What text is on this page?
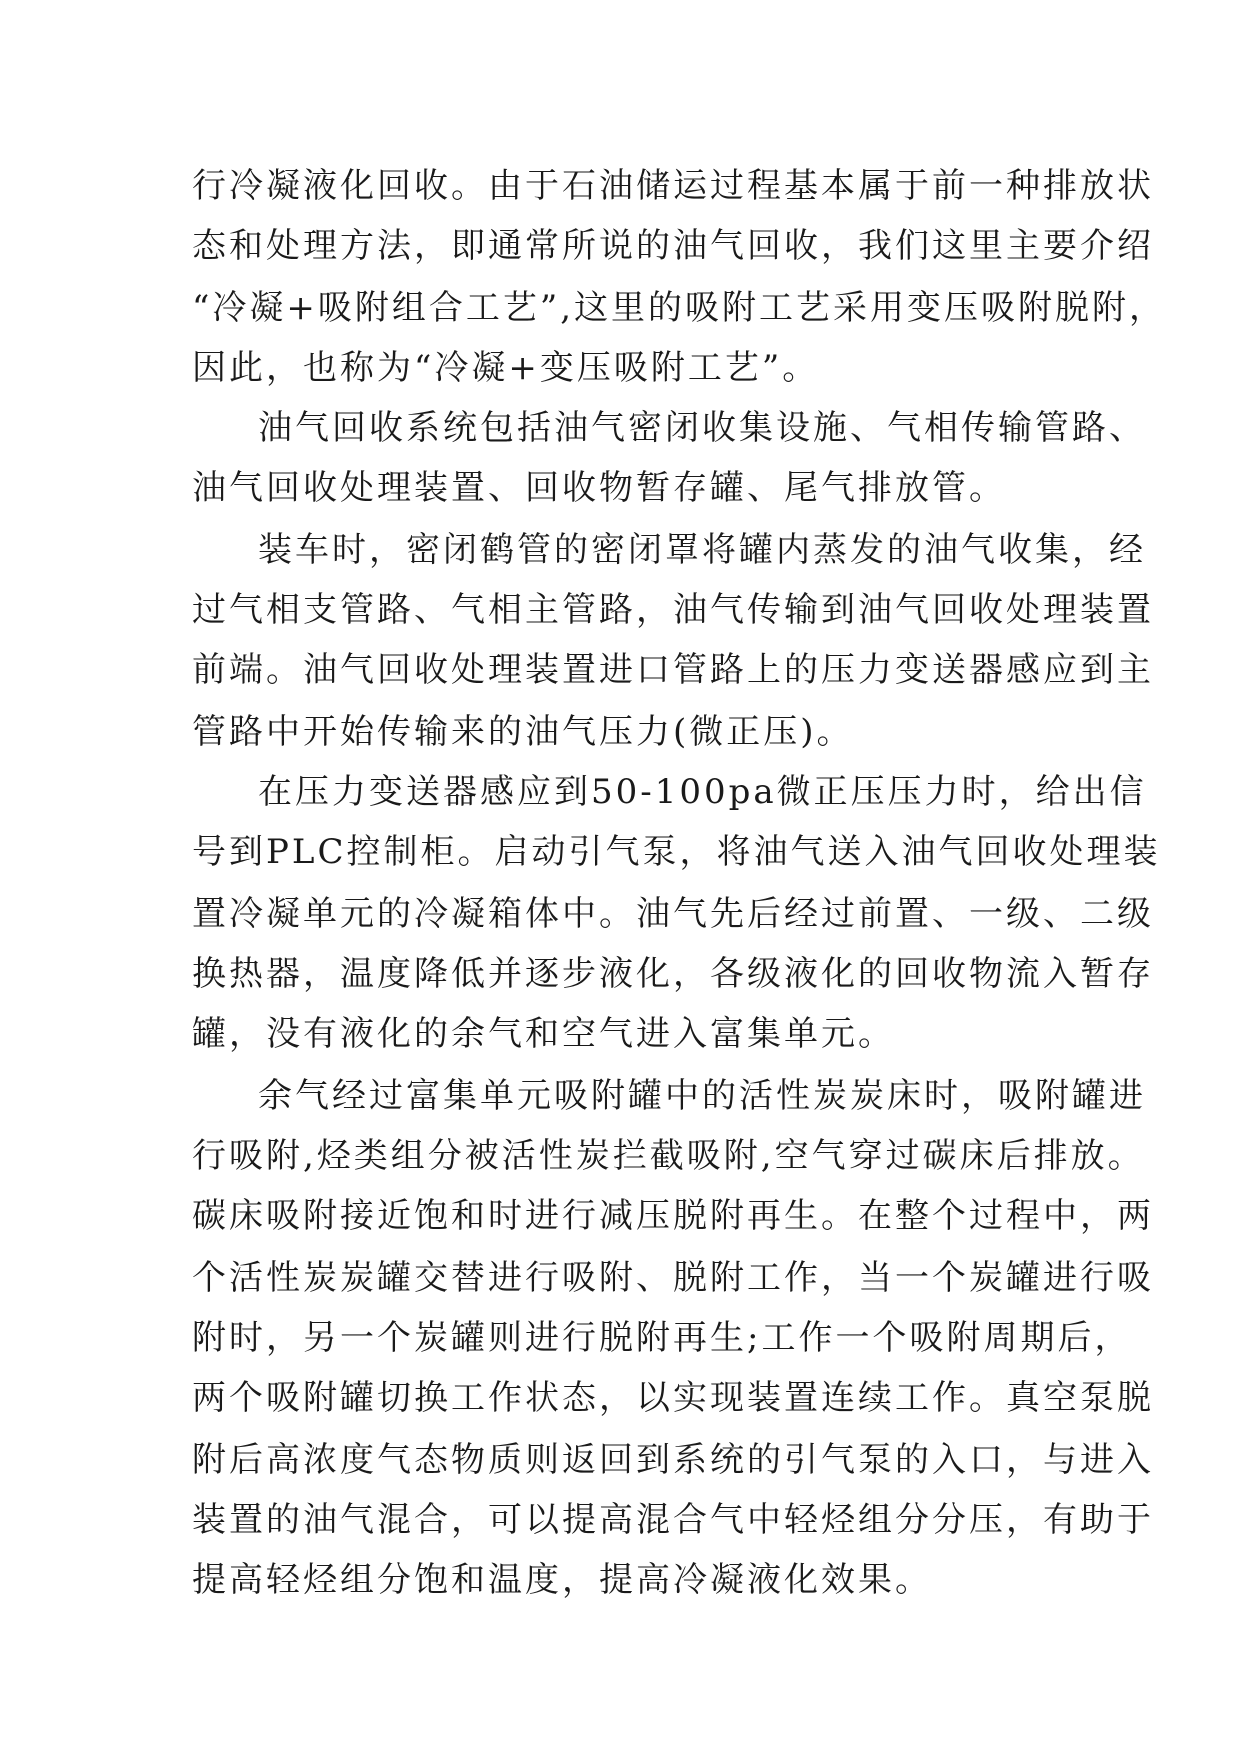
行冷凝液化回收。由于石油储运过程基本属于前一种排放状
态和处理方法，即通常所说的油气回收，我们这里主要介绍
“冷凝+吸附组合工艺”,这里的吸附工艺采用变压吸附脱附，
因此，也称为“冷凝+变压吸附工艺”。
油气回收系统包括油气密闭收集设施、气相传输管路、
油气回收处理装置、回收物暂存罐、尾气排放管。
装车时，密闭鹤管的密闭罩将罐内蒸发的油气收集，经
过气相支管路、气相主管路，油气传输到油气回收处理装置
前端。油气回收处理装置进口管路上的压力变送器感应到主
管路中开始传输来的油气压力(微正压)。
在压力变送器感应到50-100pa微正压压力时，给出信
号到PLC控制柜。启动引气泵，将油气送入油气回收处理装
置冷凝单元的冷凝箱体中。油气先后经过前置、一级、二级
换热器，温度降低并逐步液化，各级液化的回收物流入暂存
罐，没有液化的余气和空气进入富集单元。
余气经过富集单元吸附罐中的活性炭炭床时，吸附罐进
行吸附,烃类组分被活性炭拦截吸附,空气穿过碳床后排放。
碳床吸附接近饱和时进行减压脱附再生。在整个过程中，两
个活性炭炭罐交替进行吸附、脱附工作，当一个炭罐进行吸
附时，另一个炭罐则进行脱附再生;工作一个吸附周期后，
两个吸附罐切换工作状态，以实现装置连续工作。真空泵脱
附后高浓度气态物质则返回到系统的引气泵的入口，与进入
装置的油气混合，可以提高混合气中轻烃组分分压，有助于
提高轻烃组分饱和温度，提高冷凝液化效果。
